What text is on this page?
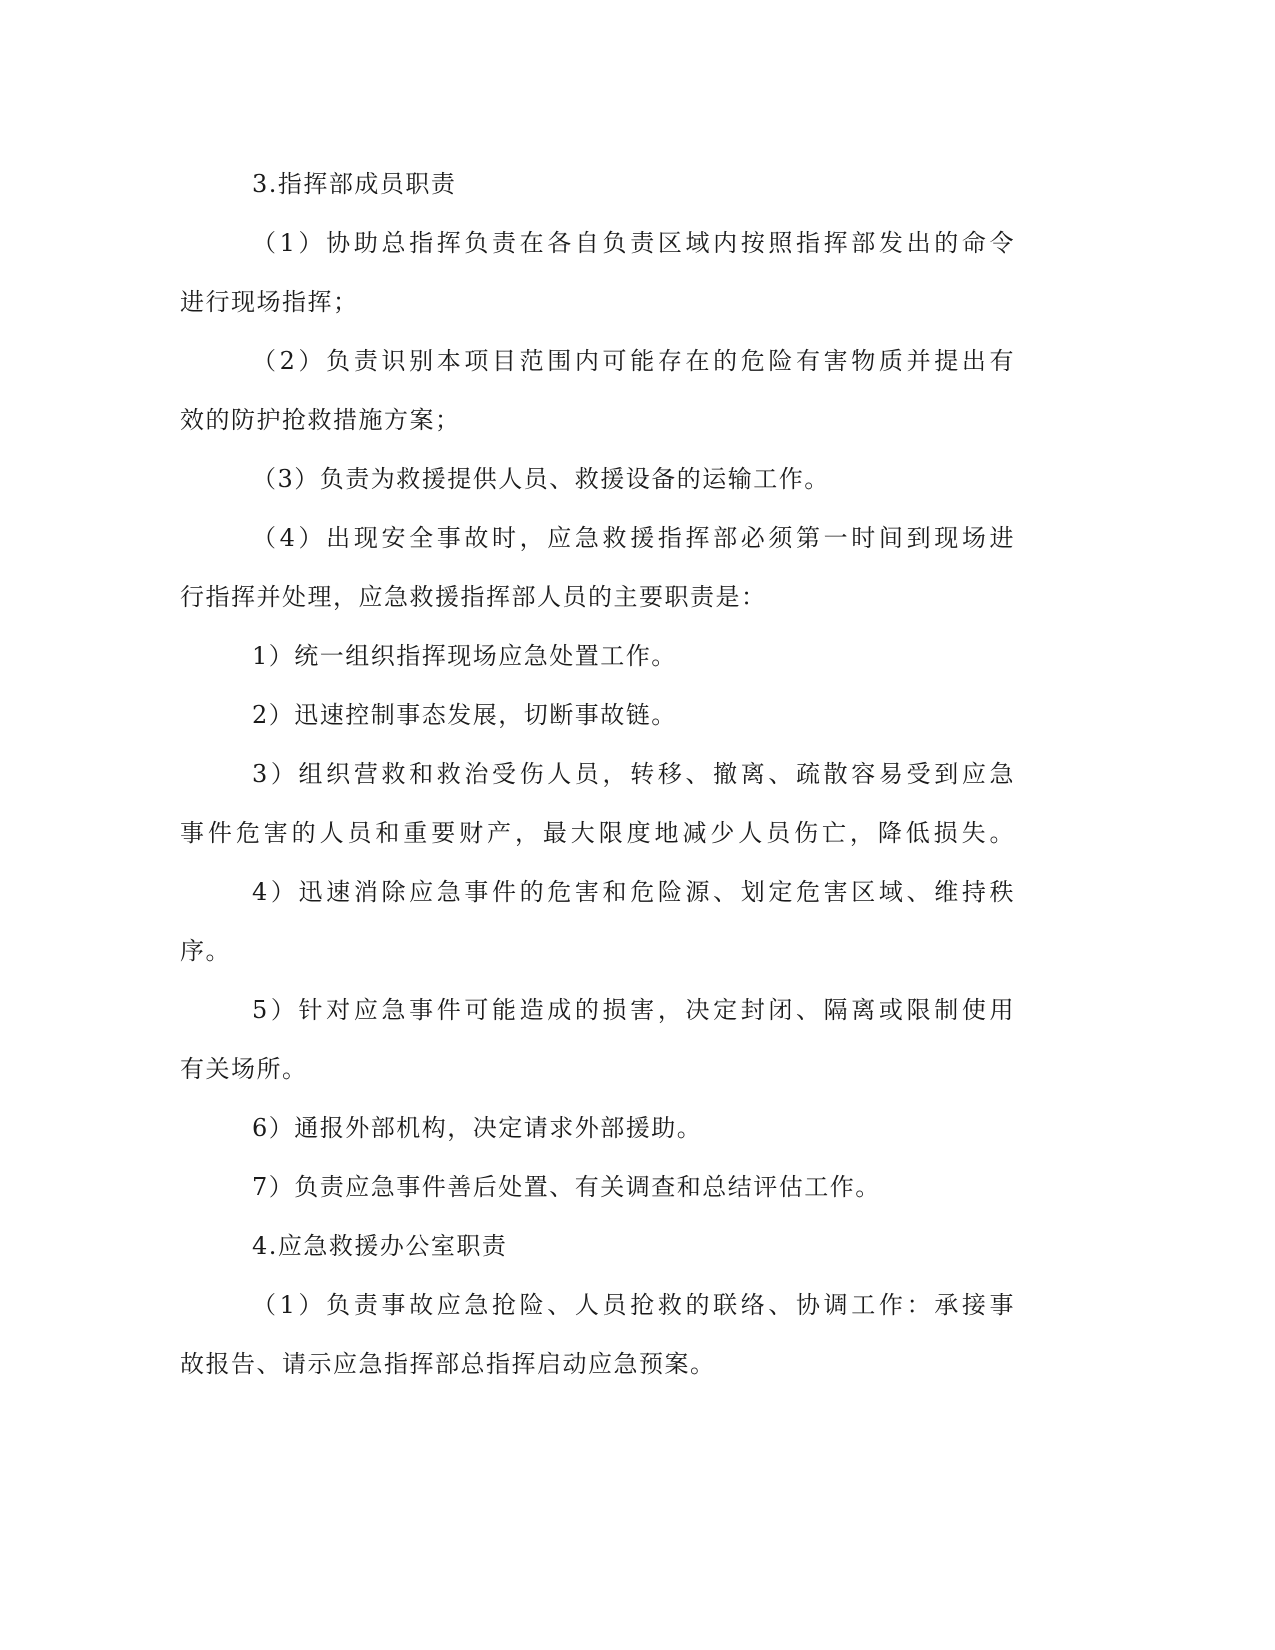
3.指挥部成员职责
（1）协助总指挥负责在各自负责区域内按照指挥部发出的命令
进行现场指挥；
（2）负责识别本项目范围内可能存在的危险有害物质并提出有
效的防护抢救措施方案；
（3）负责为救援提供人员、救援设备的运输工作。
（4）出现安全事故时，应急救援指挥部必须第一时间到现场进
行指挥并处理，应急救援指挥部人员的主要职责是：
1）统一组织指挥现场应急处置工作。
2）迅速控制事态发展，切断事故链。
3）组织营救和救治受伤人员，转移、撤离、疏散容易受到应急
事件危害的人员和重要财产，最大限度地减少人员伤亡，降低损失。
4）迅速消除应急事件的危害和危险源、划定危害区域、维持秩
序。
5）针对应急事件可能造成的损害，决定封闭、隔离或限制使用
有关场所。
6）通报外部机构，决定请求外部援助。
7）负责应急事件善后处置、有关调查和总结评估工作。
4.应急救援办公室职责
（1）负责事故应急抢险、人员抢救的联络、协调工作：承接事
故报告、请示应急指挥部总指挥启动应急预案。
